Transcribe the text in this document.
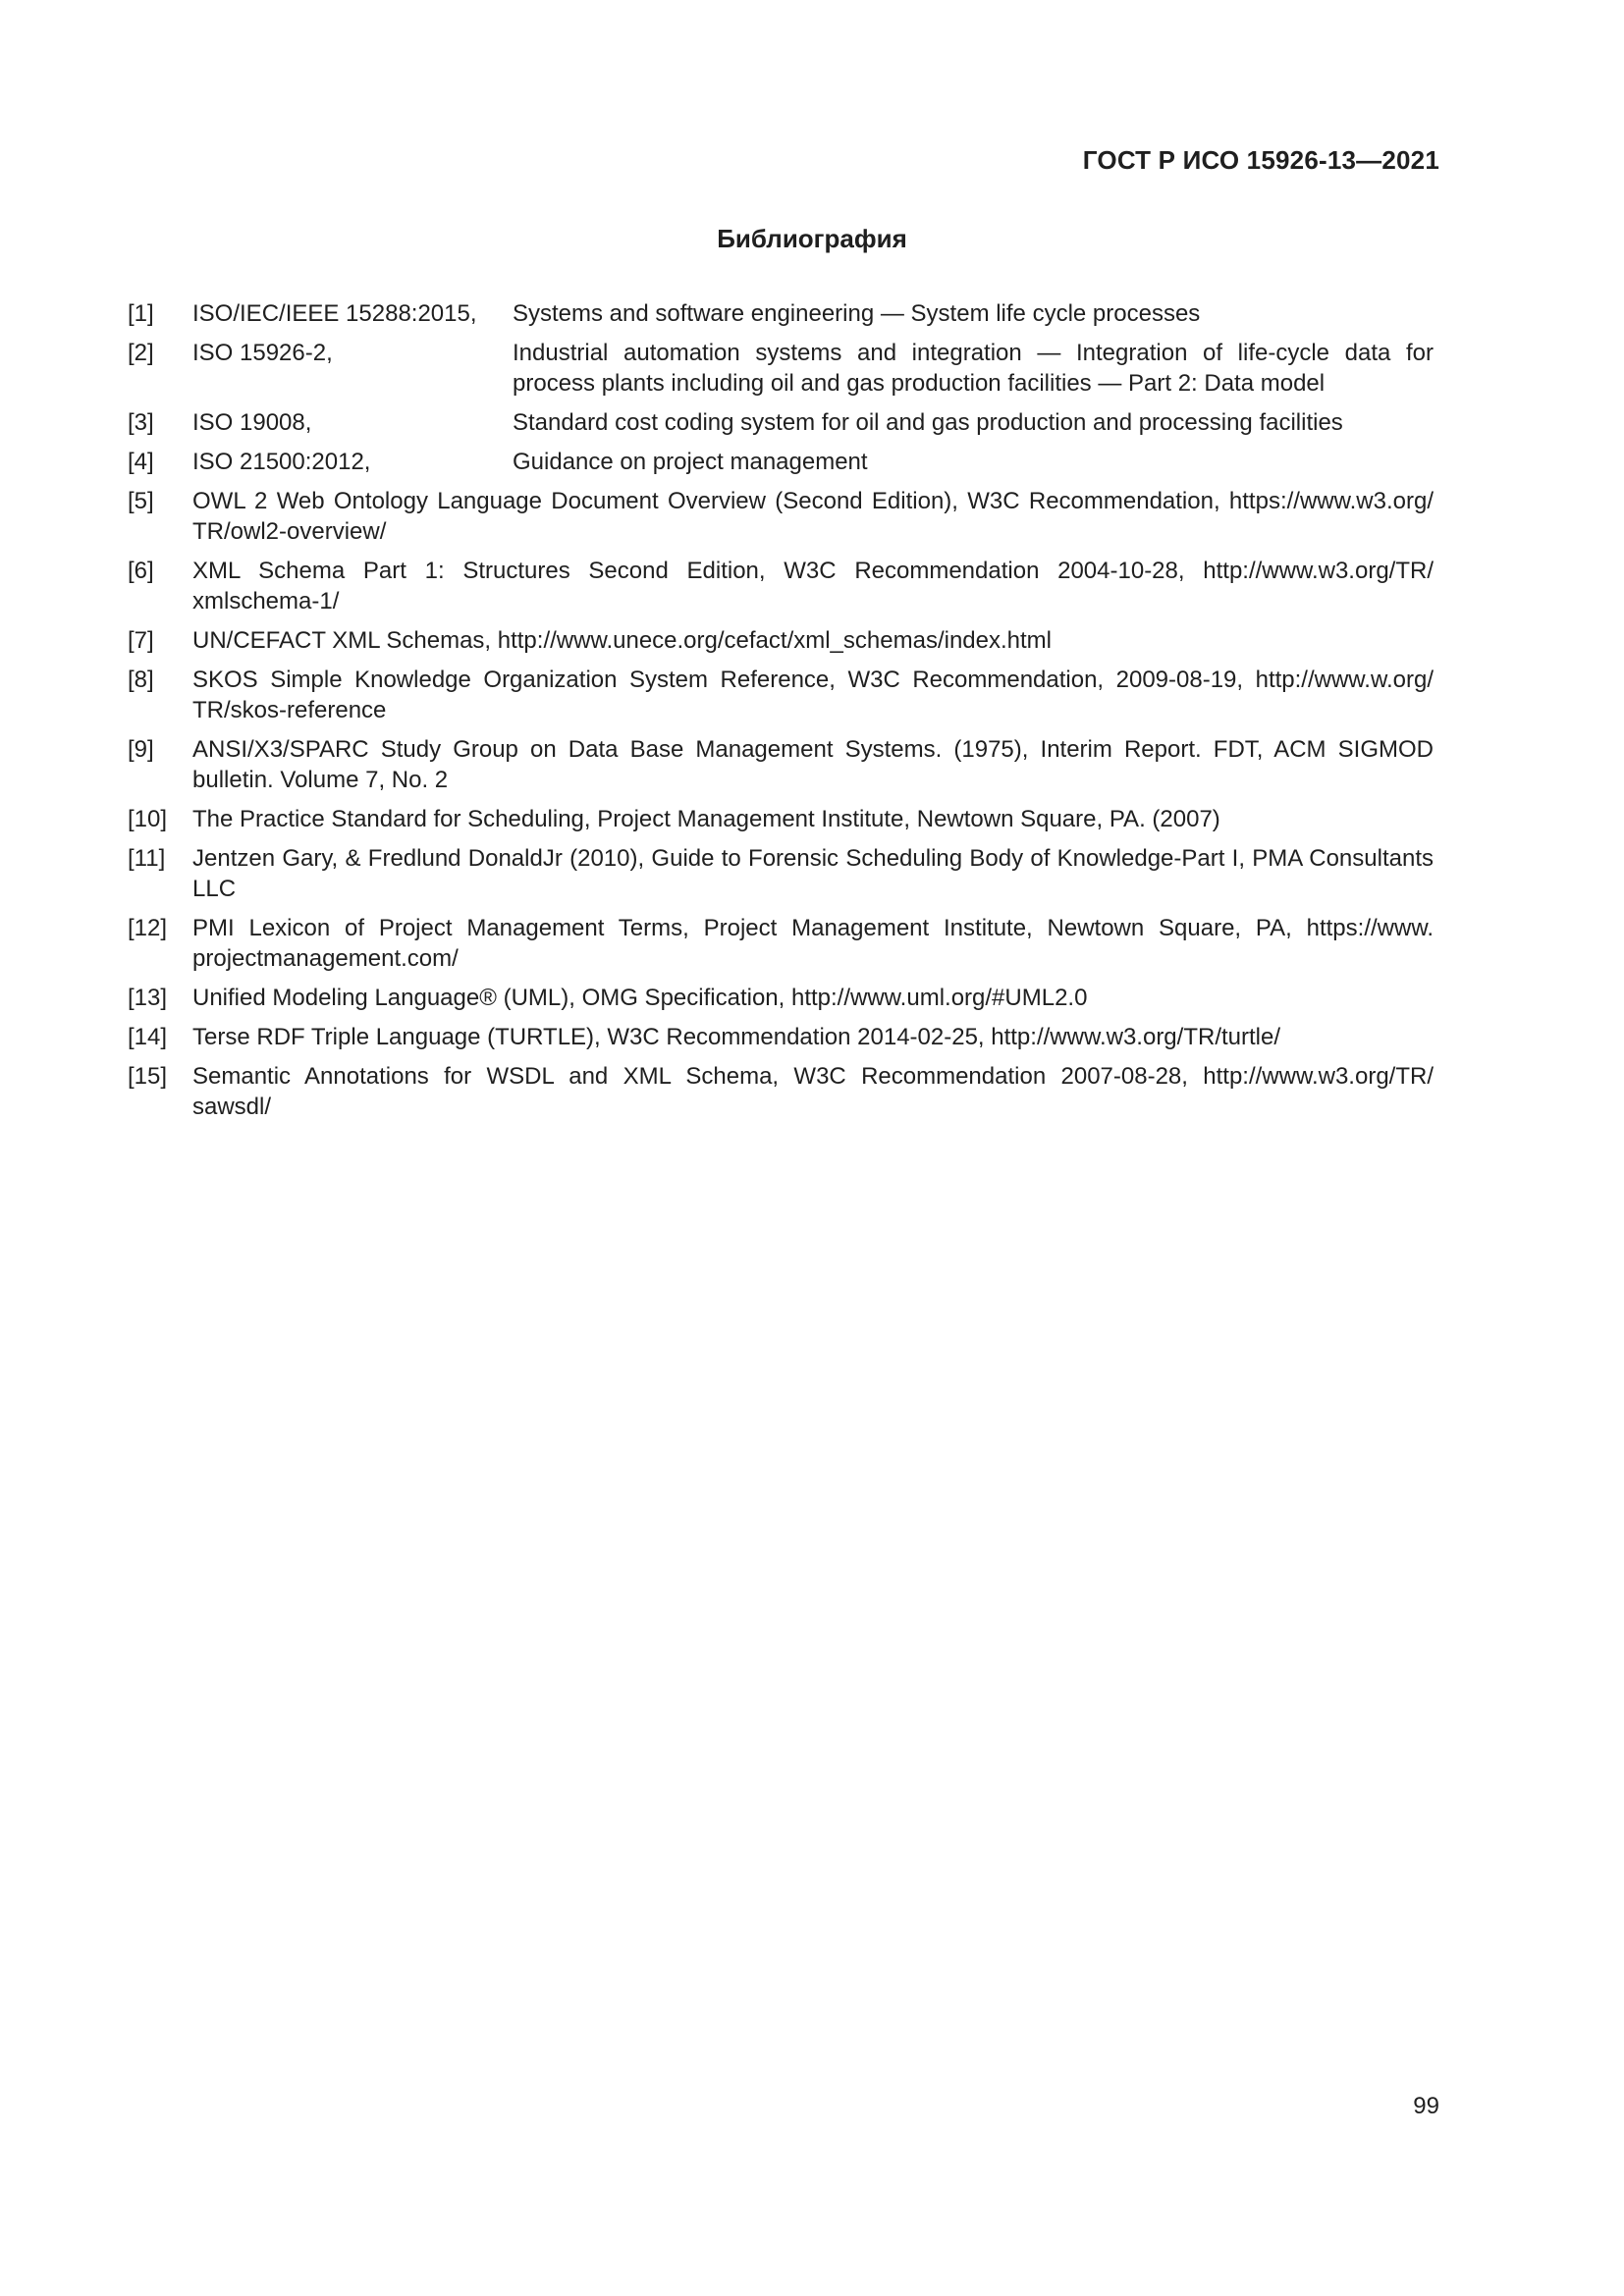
ГОСТ Р ИСО 15926-13—2021
Библиография
[1]	ISO/IEC/IEEE 15288:2015,	Systems and software engineering — System life cycle processes
[2]	ISO 15926-2,	Industrial automation systems and integration — Integration of life-cycle data for process plants including oil and gas production facilities — Part 2: Data model
[3]	ISO 19008,	Standard cost coding system for oil and gas production and processing facilities
[4]	ISO 21500:2012,	Guidance on project management
[5]	OWL 2 Web Ontology Language Document Overview (Second Edition), W3C Recommendation, https://www.w3.org/ TR/owl2-overview/
[6]	XML Schema Part 1: Structures Second Edition, W3C Recommendation 2004-10-28, http://www.w3.org/TR/ xmlschema-1/
[7]	UN/CEFACT XML Schemas, http://www.unece.org/cefact/xml_schemas/index.html
[8]	SKOS Simple Knowledge Organization System Reference, W3C Recommendation, 2009-08-19, http://www.w.org/ TR/skos-reference
[9]	ANSI/X3/SPARC Study Group on Data Base Management Systems. (1975), Interim Report. FDT, ACM SIGMOD bulletin. Volume 7, No. 2
[10]	The Practice Standard for Scheduling, Project Management Institute, Newtown Square, PA. (2007)
[11]	Jentzen Gary, & Fredlund DonaldJr (2010), Guide to Forensic Scheduling Body of Knowledge-Part I, PMA Consultants LLC
[12]	PMI Lexicon of Project Management Terms, Project Management Institute, Newtown Square, PA, https://www. projectmanagement.com/
[13]	Unified Modeling Language® (UML), OMG Specification, http://www.uml.org/#UML2.0
[14]	Terse RDF Triple Language (TURTLE), W3C Recommendation 2014-02-25, http://www.w3.org/TR/turtle/
[15]	Semantic Annotations for WSDL and XML Schema, W3C Recommendation 2007-08-28, http://www.w3.org/TR/ sawsdl/
99
